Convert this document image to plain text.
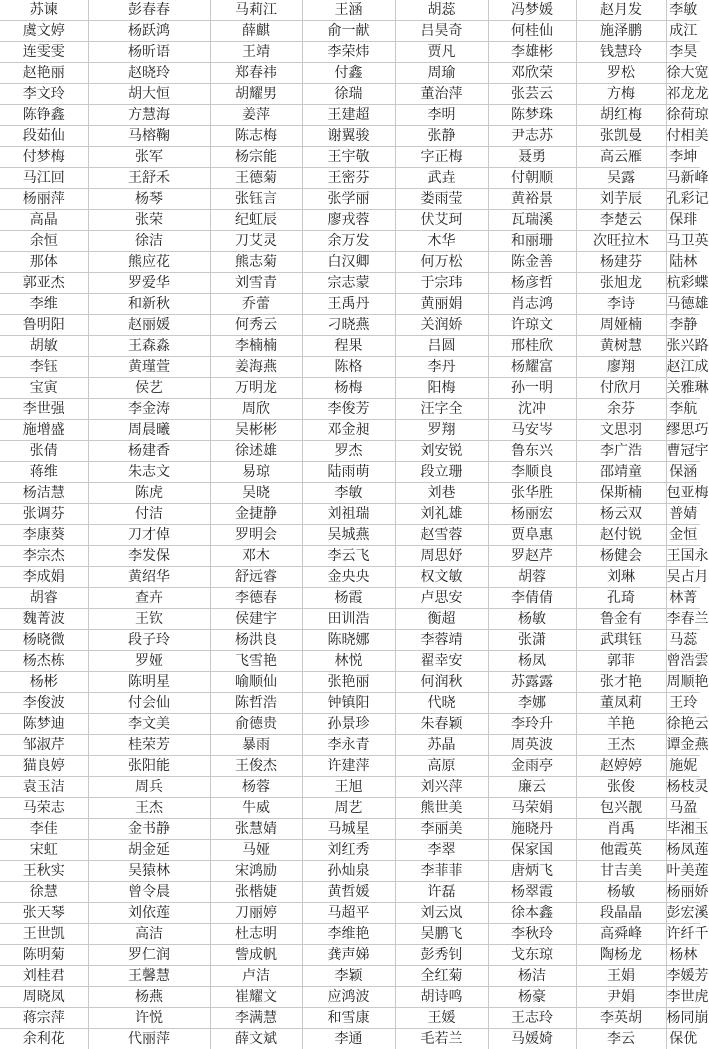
苏谏	彭春春	马莉江	王涵	胡蕊	冯梦媛	赵月发	李敏
虞文婷	杨跃鸿	薛麒	俞一献	吕昊奇	何桂仙	施泽鹏	成江
连雯雯	杨昕语	王靖	李荣炜	贾凡	李雄彬	钱慧玲	李昊
赵艳丽	赵晓玲	郑春祎	付鑫	周瑜	邓欣荣	罗松	徐大宽
李文玲	胡大恒	胡耀男	徐瑞	董治萍	张芸云	方梅	祁龙龙
陈铮鑫	方慧海	姜萍	王建超	李明	陈梦珠	胡红梅	徐荷琼
段茹仙	马榕鞠	陈志梅	谢翼骏	张静	尹志苏	张凯曼	付相美
付梦梅	张军	杨宗能	王宇敬	字正梅	聂勇	高云雁	李坤
马江回	王舒禾	王德菊	王密芬	武垚	付朝顺	吴露	马新峰
杨丽萍	杨琴	张钰言	张学丽	娄雨莹	黄裕景	刘芋辰	孔彩记
高晶	张荣	纪虹辰	廖戎蓉	伏艾珂	瓦瑞溪	李楚云	保琲
余恒	徐洁	刀艾灵	余万发	木华	和丽珊	次旺拉木	马卫英
那体	熊应花	熊志菊	白汉卿	何万松	陈金善	杨建芬	陆林
郭亚杰	罗爱华	刘雪青	宗志蒙	于宗玮	杨彦哲	张旭龙	杭彩蝶
李维	和新秋	乔蕾	王禹丹	黄丽娟	肖志鸿	李诗	马德雄
鲁明阳	赵丽媛	何秀云	刁晓燕	关润娇	许琼文	周娅楠	李静
胡敏	王森淼	李楠楠	程果	吕圆	邢桂欣	黄树慧	张兴路
李钰	黄瑾萱	姜海燕	陈格	李丹	杨耀富	廖翔	赵江成
宝寅	侯艺	万明龙	杨梅	阳梅	孙一明	付欣月	关雅琳
李世强	李金涛	周欣	李俊芳	汪字全	沈冲	余芬	李航
施增盛	周晨曦	吴彬彬	邓金昶	罗翔	马安岑	文思羽	缪思巧
张倩	杨建香	徐述雄	罗杰	刘安锐	鲁东兴	李广浩	曹冠宇
蒋维	朱志文	易琼	陆雨萌	段立珊	李顺良	邵靖童	保涵
杨洁慧	陈虎	吴晓	李敏	刘巷	张华胜	保斯楠	包亚梅
张调芬	付洁	金捷静	刘祖瑞	刘礼雄	杨丽宏	杨云双	普婧
李康葵	刀才倬	罗明会	吴城燕	赵雪蓉	贾阜惠	赵付锐	金恒
李宗杰	李发保	邓木	李云飞	周思妤	罗赵芹	杨健会	王国永
李成娟	黄绍华	舒远睿	金央央	权文敏	胡蓉	刘琳	吴占月
胡睿	查卉	李德春	杨霞	卢思安	李倩倩	孔琦	林菁
魏菁波	王钦	侯建宇	田训浩	衡超	杨敏	鲁金有	李春兰
杨晓微	段子玲	杨洪良	陈晓娜	李蓉靖	张潇	武琪钰	马蕊
杨杰栋	罗娅	飞雪艳	林悦	翟幸安	杨凤	郭菲	曾浩雲
杨彬	陈明星	喻顺仙	张艳丽	何润秋	苏露露	张才艳	周顺艳
李俊波	付会仙	陈哲浩	钟镇阳	代晓	李娜	董凤莉	王玲
陈梦迪	李文美	俞德贵	孙景珍	朱春颖	李玲升	羊艳	徐艳云
邹淑芹	桂荣芳	暴雨	李永青	苏晶	周英波	王杰	谭金燕
猫良婷	张阳能	王俊杰	许建萍	高原	金雨亭	赵婷婷	施妮
袁玉洁	周兵	杨蓉	王旭	刘兴萍	廉云	张俊	杨枝灵
马荣志	王杰	牛威	周艺	熊世美	马荣娟	包兴靓	马盈
李佳	金书静	张慧婧	马城星	李丽美	施晓丹	肖禹	毕湘玉
宋虹	胡金延	马娅	刘红秀	李翠	保家国	他霞英	杨凤莲
王秋实	吴猿林	宋鸿励	孙灿泉	李菲菲	唐炳飞	甘吉美	叶美莲
徐慧	曾令晨	张楷婕	黄哲媛	许磊	杨翠霞	杨敏	杨丽娇
张天琴	刘依莲	刀丽婷	马超平	刘云岚	徐本鑫	段晶晶	彭宏溪
王世凯	高洁	杜志明	李维艳	吴鹏飞	李秋玲	高舜峰	许纤千
陈明菊	罗仁润	訾成帆	龚声娣	彭秀钊	戈东琼	陶杨龙	杨林
刘桂君	王馨慧	卢洁	李颖	全红菊	杨洁	王娟	李媛芳
周晓凤	杨燕	崔耀文	应鸿波	胡诗鸣	杨豪	尹娟	李世虎
蒋宗萍	许悦	李满慧	和雪康	王媛	王志玲	李英胡	杨同崩
余利花	代丽萍	薛文斌	李通	毛若兰	马媛婍	李云	保优
